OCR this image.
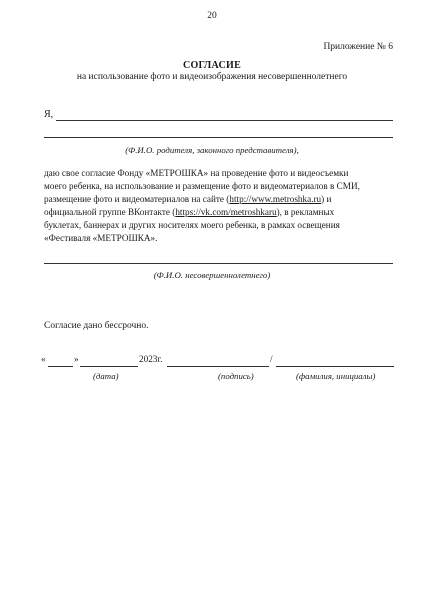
20
Приложение № 6
СОГЛАСИЕ
на использование фото и видеоизображения несовершеннолетнего
Я,
(Ф.И.О. родителя, законного представителя),

даю свое согласие Фонду «МЕТРОШКА» на проведение фото и видеосъемки

моего ребенка, на использование и размещение фото и видеоматериалов в СМИ,

размещение фото и видеоматериалов на сайте (http://www.metroshka.ru) и

официальной группе ВКонтакте (https://vk.com/metroshkaru), в рекламных

буклетах, баннерах и других носителях моего ребенка, в рамках освещения

«Фестиваля «МЕТРОШКА».

(Ф.И.О. несовершеннолетнего)
Согласие дано бессрочно.
«	»	2023г.	/
(дата)	(подпись)	(фамилия, инициалы)
